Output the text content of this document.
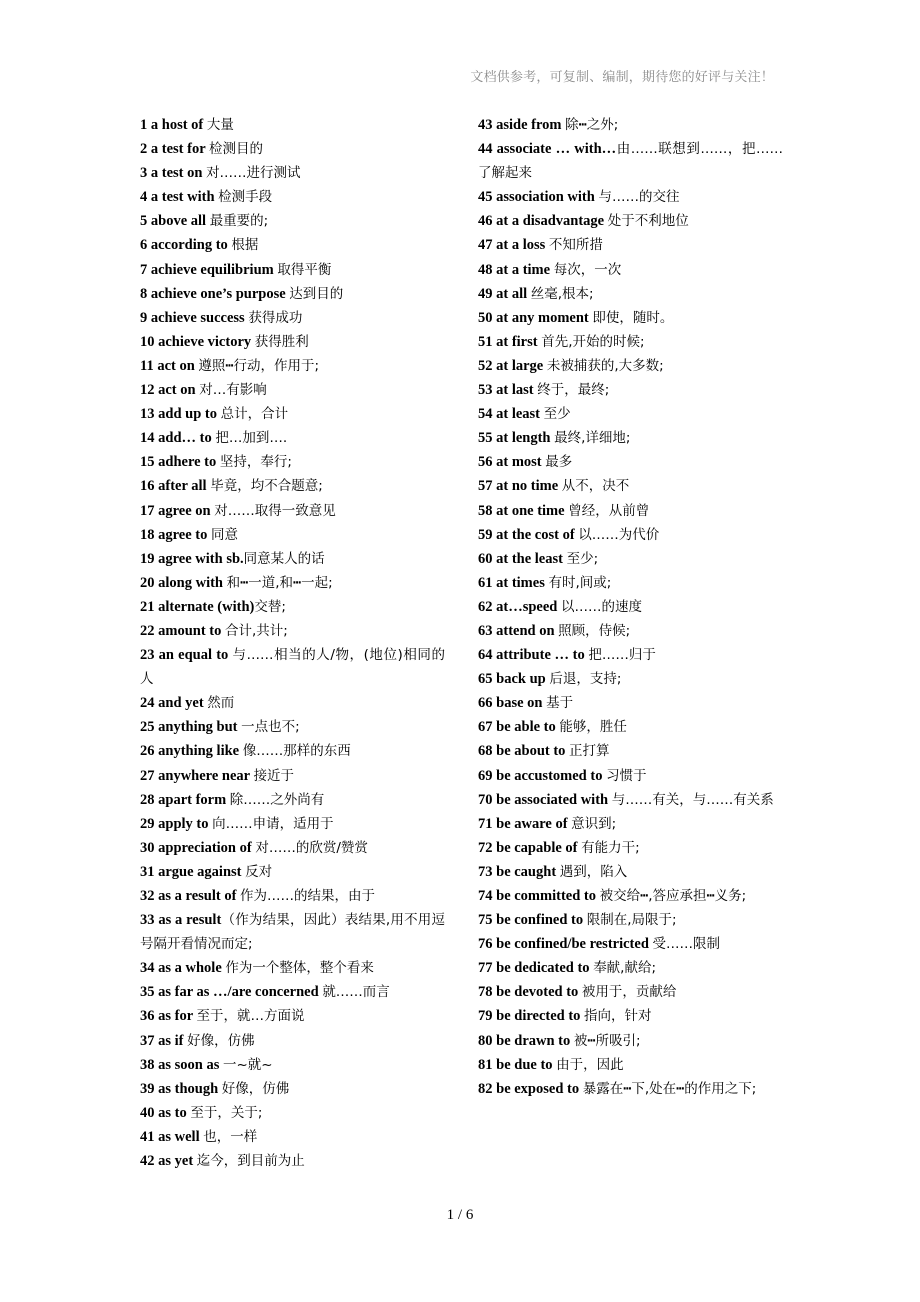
文档供参考，可复制、编制，期待您的好评与关注！
1 a host of 大量
2 a test for 检测目的
3 a test on 对……进行测试
4 a test with 检测手段
5 above all 最重要的;
6 according to 根据
7 achieve equilibrium 取得平衡
8 achieve one’s purpose 达到目的
9 achieve success 获得成功
10 achieve victory 获得胜利
11 act on 遵照┅行动，作用于;
12 act on 对…有影响
13 add up to 总计，合计
14 add… to 把…加到….
15 adhere to 坚持，奉行;
16 after all 毕竟，均不合题意;
17 agree on 对……取得一致意见
18 agree to 同意
19 agree with sb.同意某人的话
20 along with 和┅一道,和┅一起;
21 alternate (with)交替;
22 amount to 合计,共计;
23 an equal to 与……相当的人/物，(地位)相同的人
24 and yet 然而
25 anything but 一点也不;
26 anything like 像……那样的东西
27 anywhere near 接近于
28 apart form 除……之外尚有
29 apply to 向……申请，适用于
30 appreciation of 对……的欣赏/赞赏
31 argue against 反对
32 as a result of 作为……的结果，由于
33 as a result（作为结果，因此）表结果,用不用逗号隔开看情况而定;
34 as a whole 作为一个整体，整个看来
35 as far as …/are concerned 就……而言
36 as for 至于，就…方面说
37 as if 好像，仿佛
38 as soon as 一~就~
39 as though 好像，仿佛
40 as to 至于，关于;
41 as well 也，一样
42 as yet 迄今，到目前为止
43 aside from 除┅之外;
44 associate … with…由……联想到……，把……了解起来
45 association with 与……的交往
46 at a disadvantage 处于不利地位
47 at a loss 不知所措
48 at a time 每次，一次
49 at all 丝毫,根本;
50 at any moment 即使，随时。
51 at first 首先,开始的时候;
52 at large 未被捕获的,大多数;
53 at last 终于，最终;
54 at least 至少
55 at length 最终,详细地;
56 at most 最多
57 at no time 从不，决不
58 at one time 曾经，从前曾
59 at the cost of 以……为代价
60 at the least 至少;
61 at times 有时,间或;
62 at…speed 以……的速度
63 attend on 照顾，侍候;
64 attribute … to 把……归于
65 back up 后退，支持;
66 base on 基于
67 be able to 能够，胜任
68 be about to 正打算
69 be accustomed to 习惯于
70 be associated with 与……有关，与……有关系
71 be aware of 意识到;
72 be capable of 有能力干;
73 be caught 遇到，陷入
74 be committed to 被交给┅,答应承担┅义务;
75 be confined to 限制在,局限于;
76 be confined/be restricted 受……限制
77 be dedicated to 奉献,献给;
78 be devoted to 被用于，贡献给
79 be directed to 指向，针对
80 be drawn to 被┅所吸引;
81 be due to 由于，因此
82 be exposed to 暴露在┅下,处在┅的作用之下;
1 / 6
